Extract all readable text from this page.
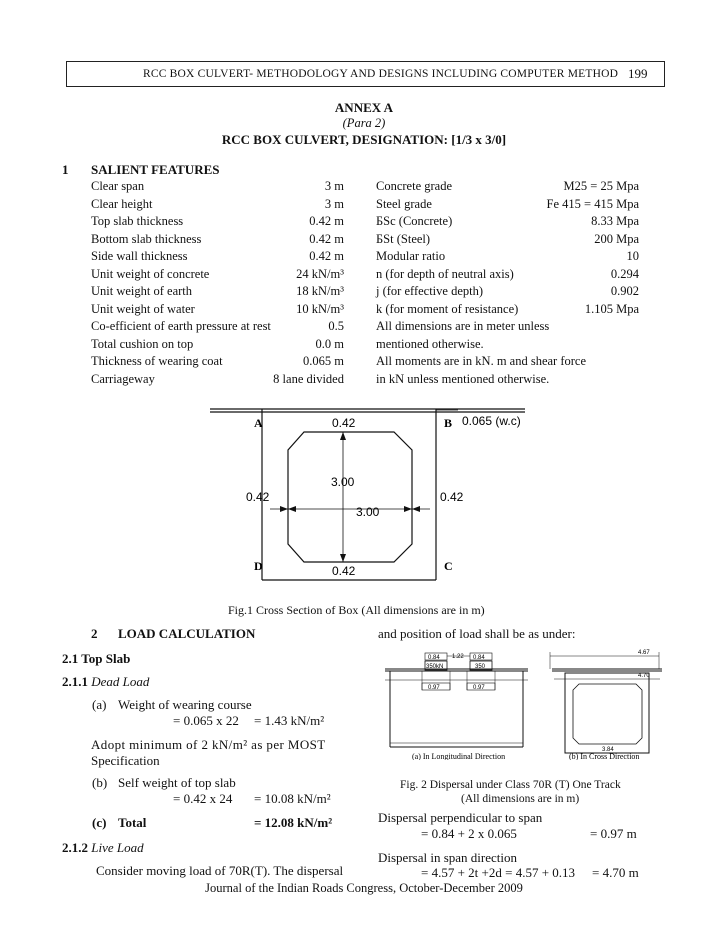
RCC BOX CULVERT- METHODOLOGY AND DESIGNS INCLUDING COMPUTER METHOD 199
ANNEX A
(Para 2)
RCC BOX CULVERT, DESIGNATION: [1/3 x 3/0]
1 SALIENT FEATURES
Clear span	3 m
Clear height	3 m
Top slab thickness	0.42 m
Bottom slab thickness	0.42 m
Side wall thickness	0.42 m
Unit weight of concrete	24 kN/m³
Unit weight of earth	18 kN/m³
Unit weight of water	10 kN/m³
Co-efficient of earth pressure at rest	0.5
Total cushion on top	0.0 m
Thickness of wearing coat	0.065 m
Carriageway	8 lane divided
Concrete grade	M25 = 25 Mpa
Steel grade	Fe 415 = 415 Mpa
БSc (Concrete)	8.33 Mpa
БSt (Steel)	200 Mpa
Modular ratio	10
n (for depth of neutral axis)	0.294
j (for effective depth)	0.902
k (for moment of resistance)	1.105 Mpa
All dimensions are in meter unless
mentioned otherwise.
All moments are in kN. m and shear force
in kN unless mentioned otherwise.
A	B
D	C
0.42	0.065 (w.c)
3.00
0.42	0.42
3.00
0.42
Fig.1 Cross Section of Box (All dimensions are in m)
2 LOAD CALCULATION
2.1 Top Slab
2.1.1 Dead Load
(a) Weight of wearing course
= 0.065 x 22 = 1.43 kN/m²
Adopt minimum of 2 kN/m² as per MOST
Specification
(b) Self weight of top slab
= 0.42 x 24 = 10.08 kN/m²
(c) Total	= 12.08 kN/m²
2.1.2 Live Load
Consider moving load of 70R(T). The dispersal
and position of load shall be as under:
0.84 1.22 0.84
350kN	350
0.97	0.97
4.67
4.70
3.84
(a) In Longitudinal Direction	(b) In Cross Direction
Fig. 2 Dispersal under Class 70R (T) One Track
(All dimensions are in m)
Dispersal perpendicular to span
= 0.84 + 2 x 0.065	= 0.97 m
Dispersal in span direction
= 4.57 + 2t +2d = 4.57 + 0.13 = 4.70 m
Journal of the Indian Roads Congress, October-December 2009
